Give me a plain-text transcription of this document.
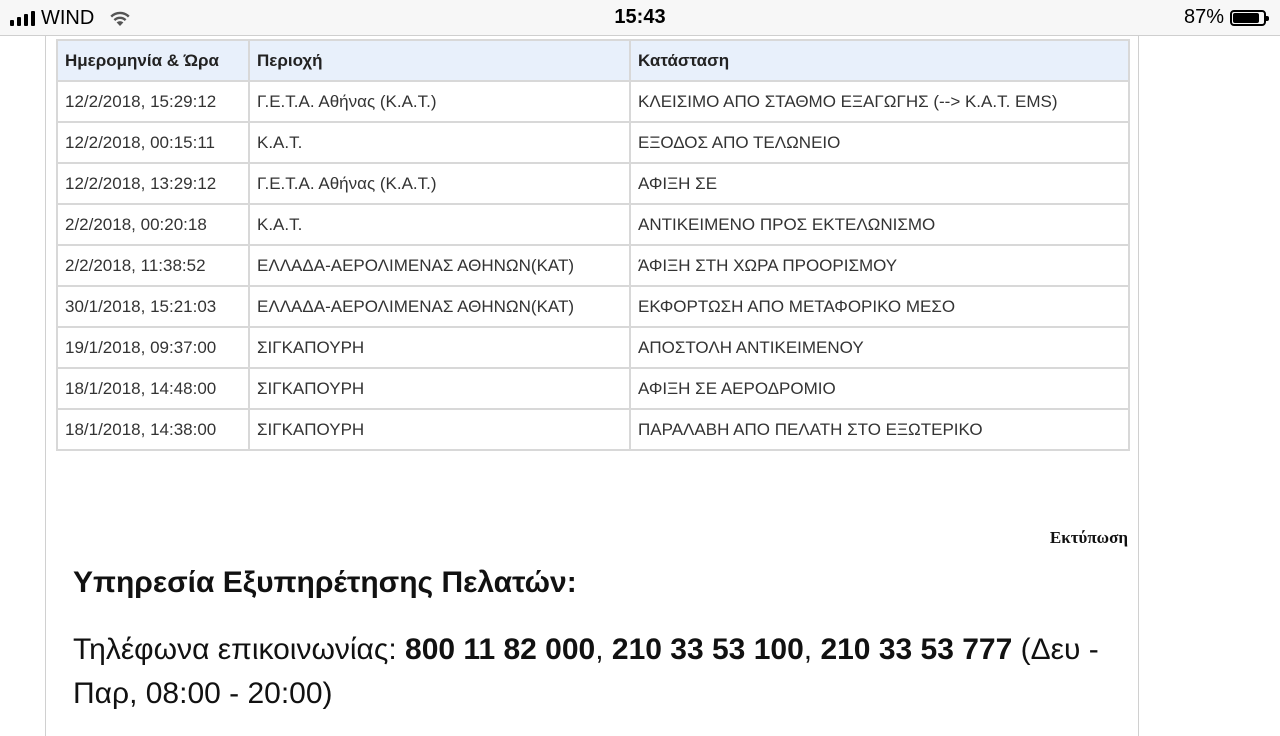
WIND	15:43	87%
Ημερομηνία & Ώρα	Περιοχή	Κατάσταση
12/2/2018, 15:29:12	Γ.Ε.Τ.Α. Αθήνας (Κ.Α.Τ.)	ΚΛΕΙΣΙΜΟ ΑΠΟ ΣΤΑΘΜΟ ΕΞΑΓΩΓΗΣ (--> K.A.T. EMS)
12/2/2018, 00:15:11	Κ.Α.Τ.	ΕΞΟΔΟΣ ΑΠΟ ΤΕΛΩΝΕΙΟ
12/2/2018, 13:29:12	Γ.Ε.Τ.Α. Αθήνας (Κ.Α.Τ.)	ΑΦΙΞΗ ΣΕ
2/2/2018, 00:20:18	Κ.Α.Τ.	ΑΝΤΙΚΕΙΜΕΝΟ ΠΡΟΣ ΕΚΤΕΛΩΝΙΣΜΟ
2/2/2018, 11:38:52	ΕΛΛΑΔΑ-ΑΕΡΟΛΙΜΕΝΑΣ ΑΘΗΝΩΝ(ΚΑΤ)	ΆΦΙΞΗ ΣΤΗ ΧΩΡΑ ΠΡΟΟΡΙΣΜΟΥ
30/1/2018, 15:21:03	ΕΛΛΑΔΑ-ΑΕΡΟΛΙΜΕΝΑΣ ΑΘΗΝΩΝ(ΚΑΤ)	ΕΚΦΟΡΤΩΣΗ ΑΠΟ ΜΕΤΑΦΟΡΙΚΟ ΜΕΣΟ
19/1/2018, 09:37:00	ΣΙΓΚΑΠΟΥΡΗ	ΑΠΟΣΤΟΛΗ ΑΝΤΙΚΕΙΜΕΝΟΥ
18/1/2018, 14:48:00	ΣΙΓΚΑΠΟΥΡΗ	ΑΦΙΞΗ ΣΕ ΑΕΡΟΔΡΟΜΙΟ
18/1/2018, 14:38:00	ΣΙΓΚΑΠΟΥΡΗ	ΠΑΡΑΛΑΒΗ ΑΠΟ ΠΕΛΑΤΗ ΣΤΟ ΕΞΩΤΕΡΙΚΟ
Εκτύπωση
Υπηρεσία Εξυπηρέτησης Πελατών:

Τηλέφωνα επικοινωνίας: 800 11 82 000, 210 33 53 100, 210 33 53 777 (Δευ - Παρ, 08:00 - 20:00)
